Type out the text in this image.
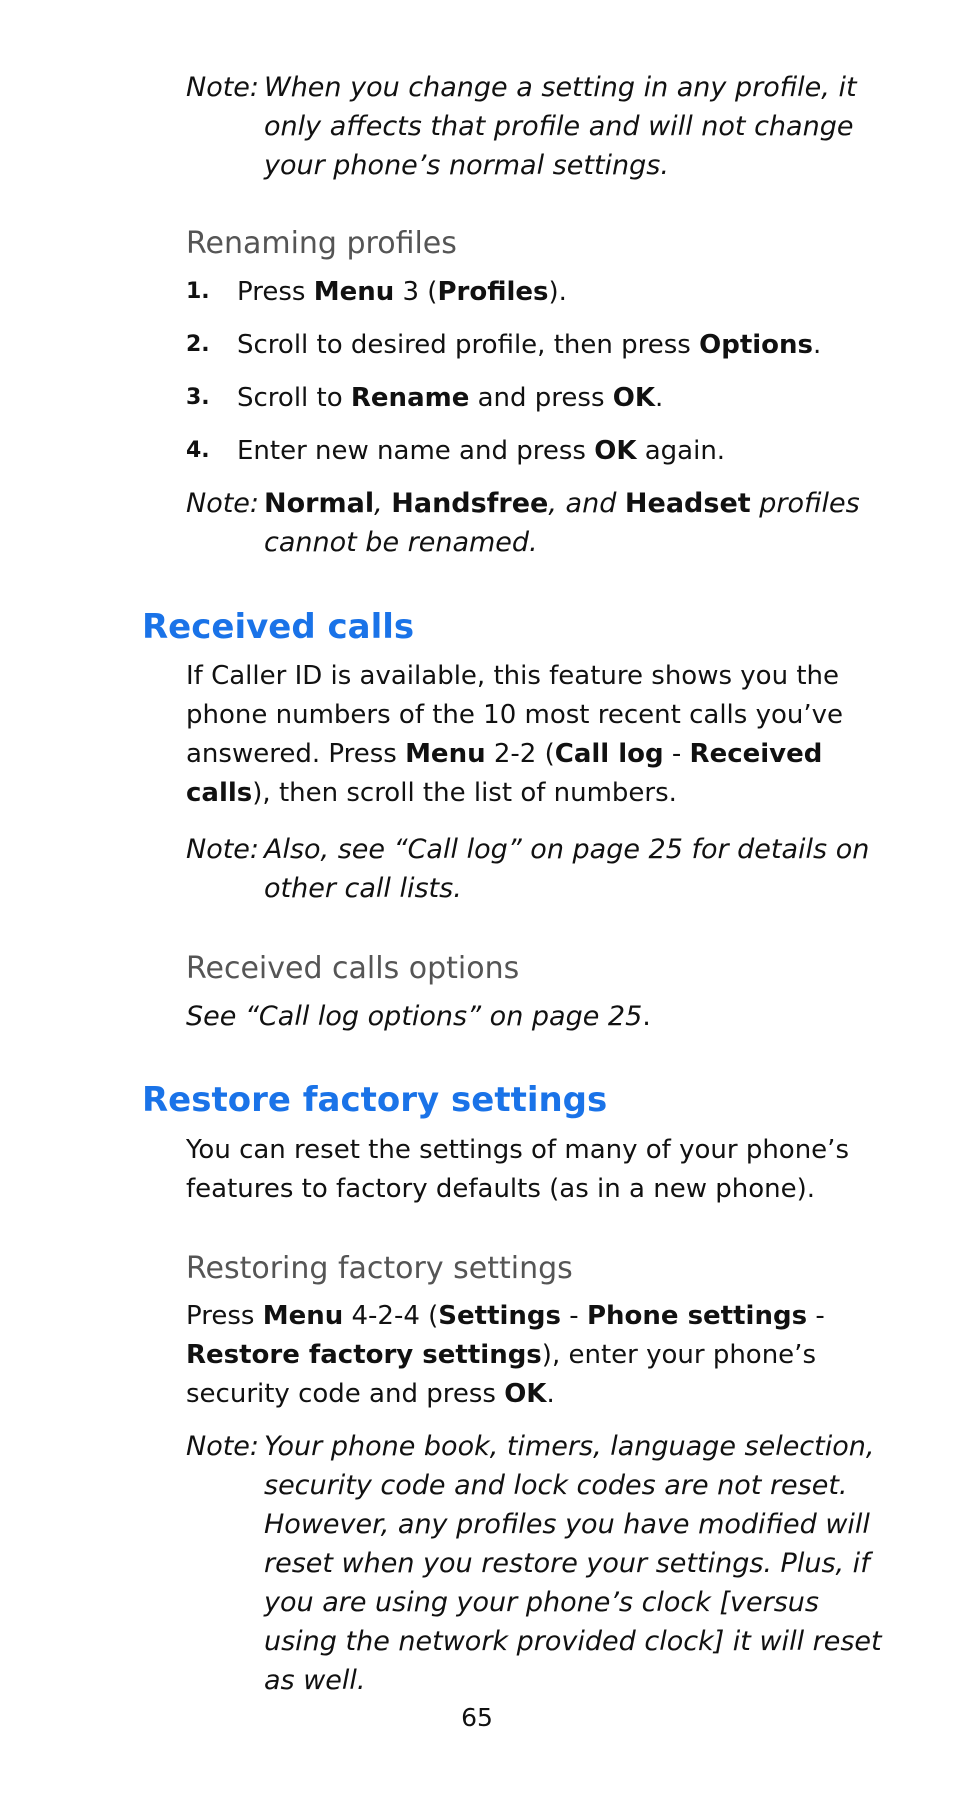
Note: When you change a setting in any profile, it only affects that profile and will not change your phone’s normal settings.
Renaming profiles
1. Press Menu 3 (Profiles).
2. Scroll to desired profile, then press Options.
3. Scroll to Rename and press OK.
4. Enter new name and press OK again.
Note: Normal, Handsfree, and Headset profiles cannot be renamed.
Received calls
If Caller ID is available, this feature shows you the phone numbers of the 10 most recent calls you’ve answered. Press Menu 2-2 (Call log - Received calls), then scroll the list of numbers.
Note: Also, see “Call log” on page 25 for details on other call lists.
Received calls options
See “Call log options” on page 25.
Restore factory settings
You can reset the settings of many of your phone’s features to factory defaults (as in a new phone).
Restoring factory settings
Press Menu 4-2-4 (Settings - Phone settings - Restore factory settings), enter your phone’s security code and press OK.
Note: Your phone book, timers, language selection, security code and lock codes are not reset. However, any profiles you have modified will reset when you restore your settings. Plus, if you are using your phone’s clock [versus using the network provided clock] it will reset as well.
65
